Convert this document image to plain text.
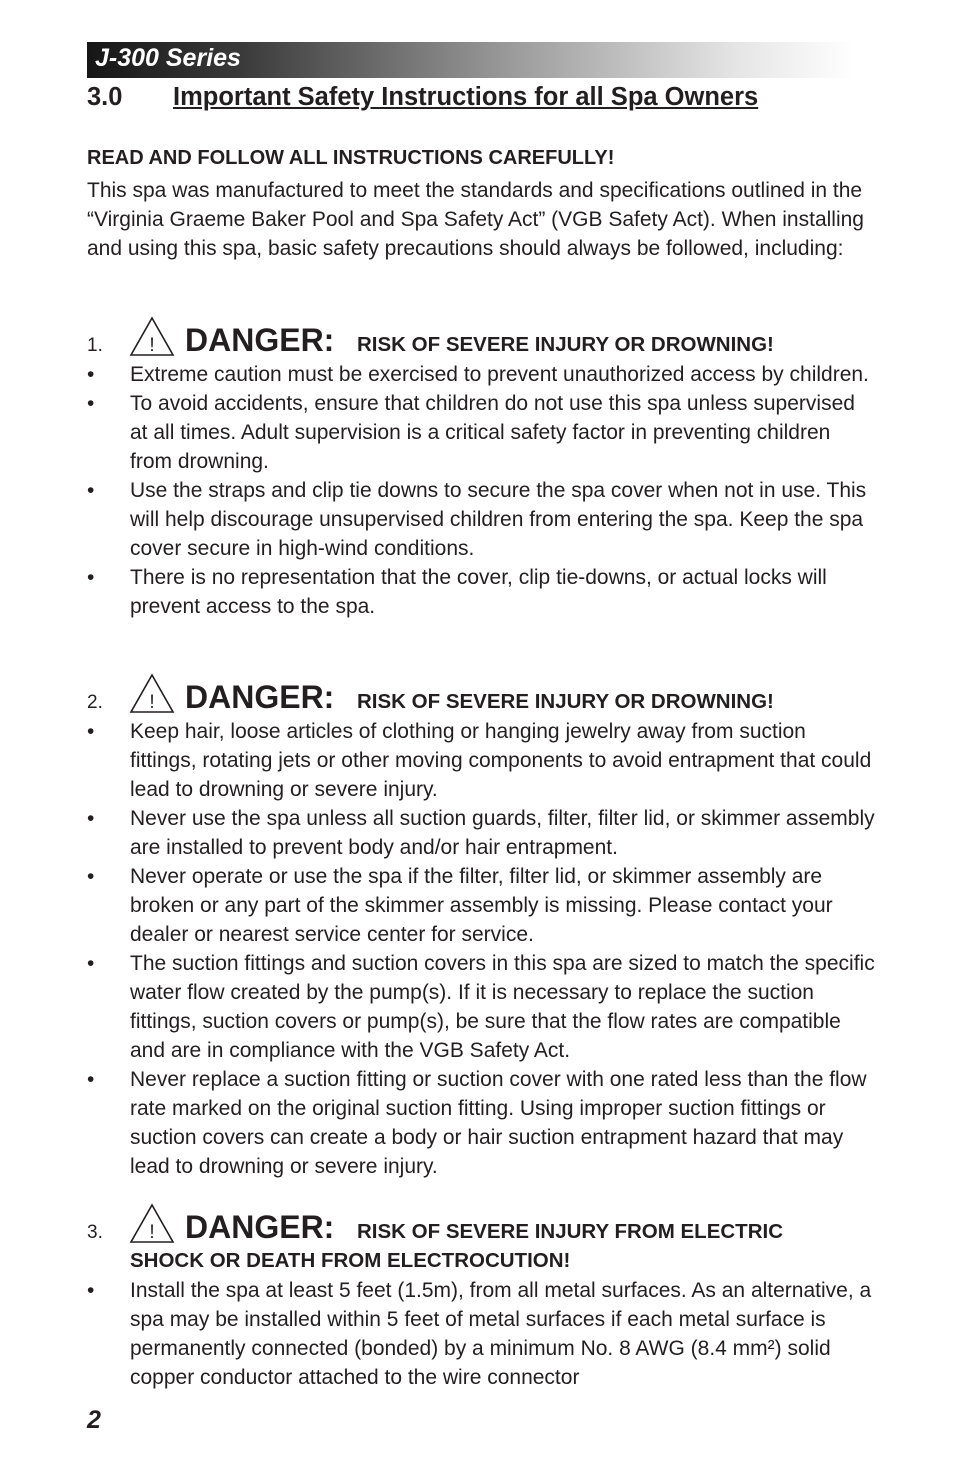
J-300 Series
3.0 Important Safety Instructions for all Spa Owners
READ AND FOLLOW ALL INSTRUCTIONS CAREFULLY!
This spa was manufactured to meet the standards and specifications outlined in the “Virginia Graeme Baker Pool and Spa Safety Act” (VGB Safety Act). When installing and using this spa, basic safety precautions should always be followed, including:
1. ! DANGER: RISK OF SEVERE INJURY OR DROWNING!
• Extreme caution must be exercised to prevent unauthorized access by children.
• To avoid accidents, ensure that children do not use this spa unless supervised at all times. Adult supervision is a critical safety factor in preventing children from drowning.
• Use the straps and clip tie downs to secure the spa cover when not in use. This will help discourage unsupervised children from entering the spa. Keep the spa cover secure in high-wind conditions.
• There is no representation that the cover, clip tie-downs, or actual locks will prevent access to the spa.
2. ! DANGER: RISK OF SEVERE INJURY OR DROWNING!
• Keep hair, loose articles of clothing or hanging jewelry away from suction fittings, rotating jets or other moving components to avoid entrapment that could lead to drowning or severe injury.
• Never use the spa unless all suction guards, filter, filter lid, or skimmer assembly are installed to prevent body and/or hair entrapment.
• Never operate or use the spa if the filter, filter lid, or skimmer assembly are broken or any part of the skimmer assembly is missing. Please contact your dealer or nearest service center for service.
• The suction fittings and suction covers in this spa are sized to match the specific water flow created by the pump(s). If it is necessary to replace the suction fittings, suction covers or pump(s), be sure that the flow rates are compatible and are in compliance with the VGB Safety Act.
• Never replace a suction fitting or suction cover with one rated less than the flow rate marked on the original suction fitting. Using improper suction fittings or suction covers can create a body or hair suction entrapment hazard that may lead to drowning or severe injury.
3. ! DANGER: RISK OF SEVERE INJURY FROM ELECTRIC
SHOCK OR DEATH FROM ELECTROCUTION!
• Install the spa at least 5 feet (1.5m), from all metal surfaces. As an alternative, a spa may be installed within 5 feet of metal surfaces if each metal surface is permanently connected (bonded) by a minimum No. 8 AWG (8.4 mm²) solid copper conductor attached to the wire connector
2
